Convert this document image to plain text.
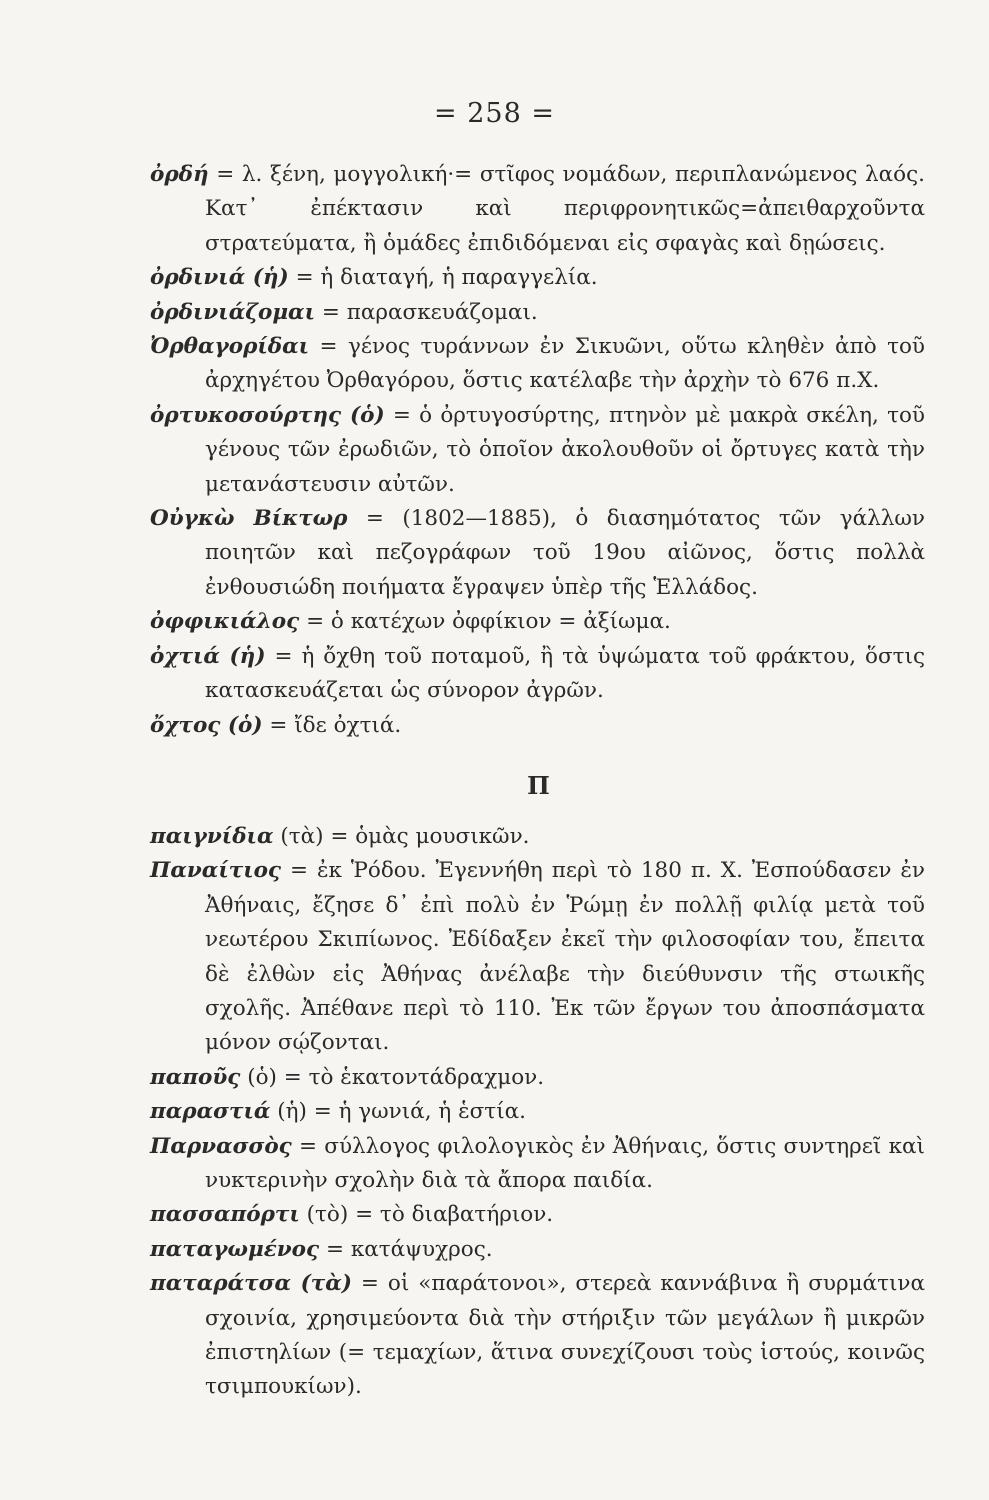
= 258 =
ὀρδή = λ. ξένη, μογγολική·= στῖφος νομάδων, περιπλανώμενος λαός. Κατ᾽ ἐπέκτασιν καὶ περιφρονητικῶς=ἀπειθαρχοῦντα στρατεύματα, ἢ ὁμάδες ἐπιδιδόμεναι εἰς σφαγὰς καὶ δῃώσεις.
ὀρδινιά (ἡ) = ἡ διαταγή, ἡ παραγγελία.
ὀρδινιάζομαι = παρασκευάζομαι.
Ὀρθαγορίδαι = γένος τυράννων ἐν Σικυῶνι, οὕτω κληθὲν ἀπὸ τοῦ ἀρχηγέτου Ὀρθαγόρου, ὅστις κατέλαβε τὴν ἀρχὴν τὸ 676 π.Χ.
ὀρτυκοσούρτης (ὁ) = ὁ ὀρτυγοσύρτης, πτηνὸν μὲ μακρὰ σκέλη, τοῦ γένους τῶν ἐρωδιῶν, τὸ ὁποῖον ἀκολουθοῦν οἱ ὄρτυγες κατὰ τὴν μετανάστευσιν αὐτῶν.
Οὐγκὼ Βίκτωρ = (1802—1885), ὁ διασημότατος τῶν γάλλων ποιητῶν καὶ πεζογράφων τοῦ 19ου αἰῶνος, ὅστις πολλὰ ἐνθουσιώδη ποιήματα ἔγραψεν ὑπὲρ τῆς Ἑλλάδος.
ὀφφικιάλος = ὁ κατέχων ὀφφίκιον = ἀξίωμα.
ὀχτιά (ἡ) = ἡ ὄχθη τοῦ ποταμοῦ, ἢ τὰ ὑψώματα τοῦ φράκτου, ὅστις κατασκευάζεται ὡς σύνορον ἀγρῶν.
ὄχτος (ὁ) = ἴδε ὀχτιά.
Π
παιγνίδια (τὰ) = ὁμὰς μουσικῶν.
Παναίτιος = ἐκ Ῥόδου. Ἐγεννήθη περὶ τὸ 180 π. Χ. Ἐσπούδασεν ἐν Ἀθήναις, ἔζησε δ᾽ ἐπὶ πολὺ ἐν Ῥώμῃ ἐν πολλῇ φιλίᾳ μετὰ τοῦ νεωτέρου Σκιπίωνος. Ἐδίδαξεν ἐκεῖ τὴν φιλοσοφίαν του, ἔπειτα δὲ ἐλθὼν εἰς Ἀθήνας ἀνέλαβε τὴν διεύθυνσιν τῆς στωικῆς σχολῆς. Ἀπέθανε περὶ τὸ 110. Ἐκ τῶν ἔργων του ἀποσπάσματα μόνον σῴζονται.
παποῦς (ὁ) = τὸ ἑκατοντάδραχμον.
παραστιά (ἡ) = ἡ γωνιά, ἡ ἑστία.
Παρνασσὸς = σύλλογος φιλολογικὸς ἐν Ἀθήναις, ὅστις συντηρεῖ καὶ νυκτερινὴν σχολὴν διὰ τὰ ἄπορα παιδία.
πασσαπόρτι (τὸ) = τὸ διαβατήριον.
παταγωμένος = κατάψυχρος.
παταράτσα (τὰ) = οἱ «παράτονοι», στερεὰ καννάβινα ἢ συρμάτινα σχοινία, χρησιμεύοντα διὰ τὴν στήριξιν τῶν μεγάλων ἢ μικρῶν ἐπιστηλίων (= τεμαχίων, ἅτινα συνεχίζουσι τοὺς ἱστούς, κοινῶς τσιμπουκίων).
